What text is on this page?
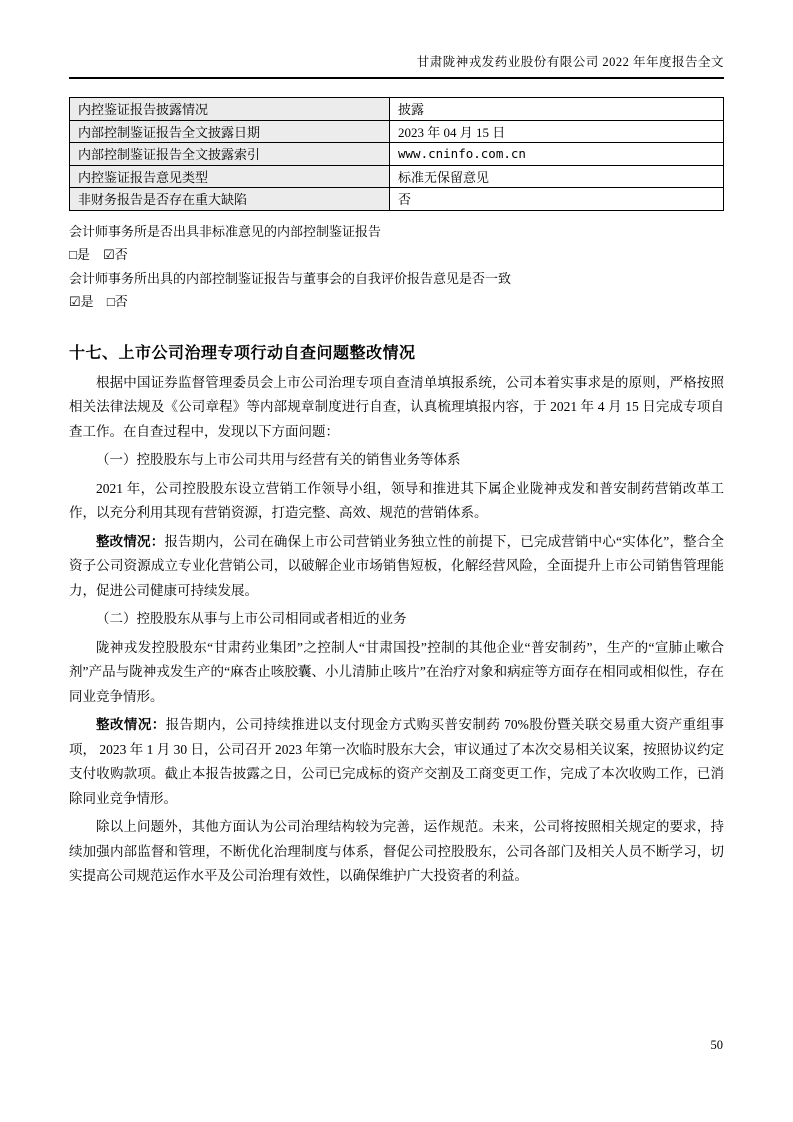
甘肃陇神戎发药业股份有限公司 2022 年年度报告全文
内控鉴证报告披露情况	披露
内部控制鉴证报告全文披露日期	2023 年 04 月 15 日
内部控制鉴证报告全文披露索引	www.cninfo.com.cn
内控鉴证报告意见类型	标准无保留意见
非财务报告是否存在重大缺陷	否
会计师事务所是否出具非标准意见的内部控制鉴证报告
□是 ☑否
会计师事务所出具的内部控制鉴证报告与董事会的自我评价报告意见是否一致
☑是 □否
十七、上市公司治理专项行动自查问题整改情况

根据中国证券监督管理委员会上市公司治理专项自查清单填报系统，公司本着实事求是的原则，严格按照相关法律法规及《公司章程》等内部规章制度进行自查，认真梳理填报内容，于 2021 年 4 月 15 日完成专项自查工作。在自查过程中，发现以下方面问题：

（一）控股股东与上市公司共用与经营有关的销售业务等体系

2021 年，公司控股股东设立营销工作领导小组，领导和推进其下属企业陇神戎发和普安制药营销改革工作，以充分利用其现有营销资源，打造完整、高效、规范的营销体系。

整改情况：报告期内，公司在确保上市公司营销业务独立性的前提下，已完成营销中心“实体化”，整合全资子公司资源成立专业化营销公司，以破解企业市场销售短板，化解经营风险，全面提升上市公司销售管理能力，促进公司健康可持续发展。

（二）控股股东从事与上市公司相同或者相近的业务

陇神戎发控股股东“甘肃药业集团”之控制人“甘肃国投”控制的其他企业“普安制药”，生产的“宣肺止嗽合剂”产品与陇神戎发生产的“麻杏止咳胶囊、小儿清肺止咳片”在治疗对象和病症等方面存在相同或相似性，存在同业竞争情形。

整改情况：报告期内，公司持续推进以支付现金方式购买普安制药 70%股份暨关联交易重大资产重组事项， 2023 年 1 月 30 日，公司召开 2023 年第一次临时股东大会，审议通过了本次交易相关议案，按照协议约定支付收购款项。截止本报告披露之日，公司已完成标的资产交割及工商变更工作，完成了本次收购工作，已消除同业竞争情形。

除以上问题外，其他方面认为公司治理结构较为完善，运作规范。未来，公司将按照相关规定的要求，持续加强内部监督和管理，不断优化治理制度与体系，督促公司控股股东，公司各部门及相关人员不断学习，切实提高公司规范运作水平及公司治理有效性，以确保维护广大投资者的利益。

50
